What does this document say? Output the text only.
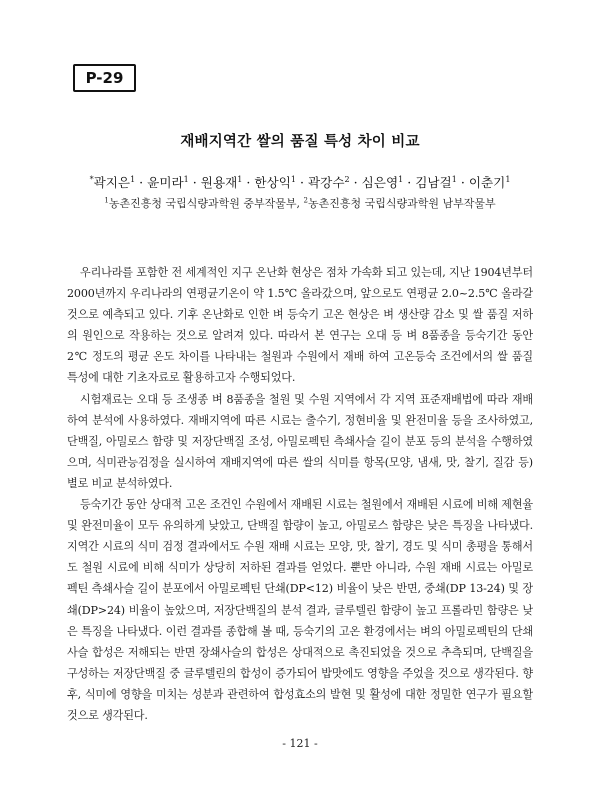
P-29
재배지역간 쌀의 품질 특성 차이 비교
*곽지은$^1$ · 윤미라$^1$ · 원용재$^1$ · 한상익$^1$ · 곽강수$^2$ · 심은영$^1$ · 김남걸$^1$ · 이춘기$^1$
$^1$농촌진흥청 국립식량과학원 중부작물부, $^2$농촌진흥청 국립식량과학원 남부작물부

우리나라를 포함한 전 세계적인 지구 온난화 현상은 점차 가속화 되고 있는데, 지난 1904년부터 2000년까지 우리나라의 연평균기온이 약 1.5℃ 올라갔으며, 앞으로도 연평균 2.0~2.5℃ 올라갈 것으로 예측되고 있다. 기후 온난화로 인한 벼 등숙기 고온 현상은 벼 생산량 감소 및 쌀 품질 저하의 원인으로 작용하는 것으로 알려져 있다. 따라서 본 연구는 오대 등 벼 8품종을 등숙기간 동안 2℃ 정도의 평균 온도 차이를 나타내는 철원과 수원에서 재배 하여 고온등숙 조건에서의 쌀 품질 특성에 대한 기초자료로 활용하고자 수행되었다.

시험재료는 오대 등 조생종 벼 8품종을 철원 및 수원 지역에서 각 지역 표준재배법에 따라 재배하여 분석에 사용하였다. 재배지역에 따른 시료는 출수기, 정현비율 및 완전미율 등을 조사하였고, 단백질, 아밀로스 함량 및 저장단백질 조성, 아밀로펙틴 측쇄사슬 길이 분포 등의 분석을 수행하였으며, 식미관능검정을 실시하여 재배지역에 따른 쌀의 식미를 항목(모양, 냄새, 맛, 찰기, 질감 등)별로 비교 분석하였다.

등숙기간 동안 상대적 고온 조건인 수원에서 재배된 시료는 철원에서 재배된 시료에 비해 제현율 및 완전미율이 모두 유의하게 낮았고, 단백질 함량이 높고, 아밀로스 함량은 낮은 특징을 나타냈다. 지역간 시료의 식미 검정 결과에서도 수원 재배 시료는 모양, 맛, 찰기, 경도 및 식미 총평을 통해서도 철원 시료에 비해 식미가 상당히 저하된 결과를 얻었다. 뿐만 아니라, 수원 재배 시료는 아밀로펙틴 측쇄사슬 길이 분포에서 아밀로펙틴 단쇄(DP<12) 비율이 낮은 반면, 중쇄(DP 13-24) 및 장쇄(DP>24) 비율이 높았으며, 저장단백질의 분석 결과, 글루텔린 함량이 높고 프롤라민 함량은 낮은 특징을 나타냈다. 이런 결과를 종합해 볼 때, 등숙기의 고온 환경에서는 벼의 아밀로펙틴의 단쇄사슬 합성은 저해되는 반면 장쇄사슬의 합성은 상대적으로 촉진되었을 것으로 추측되며, 단백질을 구성하는 저장단백질 중 글루텔린의 합성이 증가되어 밥맛에도 영향을 주었을 것으로 생각된다. 향후, 식미에 영향을 미치는 성분과 관련하여 합성효소의 발현 및 활성에 대한 정밀한 연구가 필요할 것으로 생각된다.

- 121 -
